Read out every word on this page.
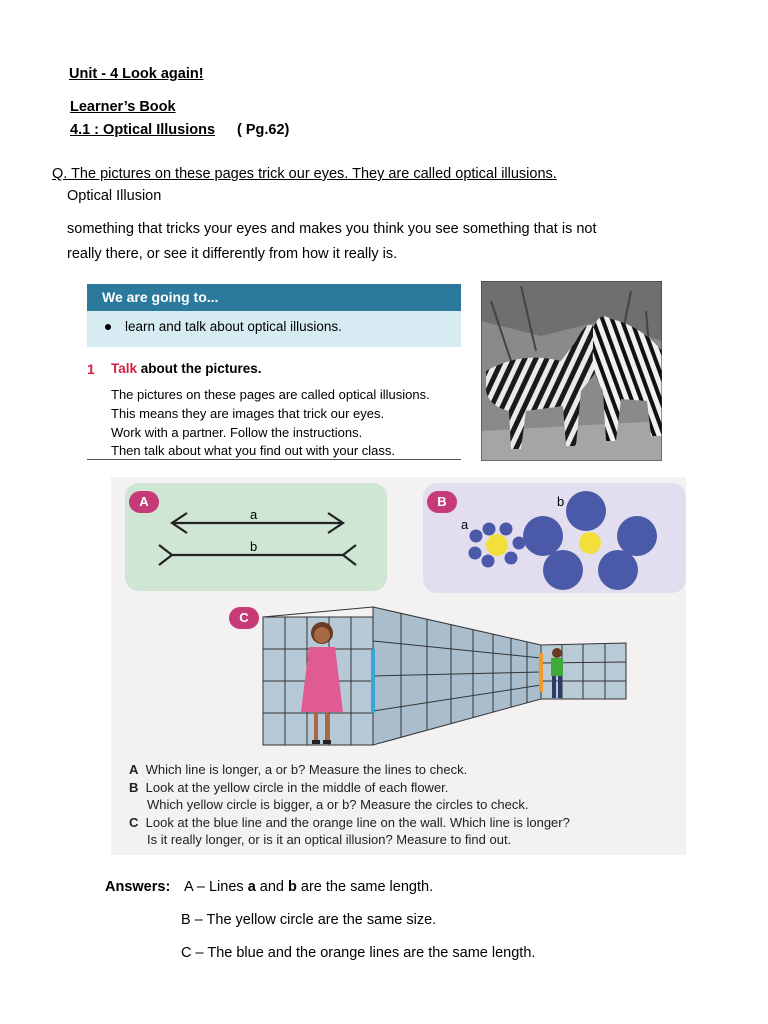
Unit - 4 Look again!
Learner’s Book
4.1 : Optical Illusions ( Pg.62)
Q. The pictures on these pages trick our eyes. They are called optical illusions.
Optical Illusion
something that tricks your eyes and makes you think you see something that is not
really there, or see it differently from how it really is.
We are going to...
learn and talk about optical illusions.
1 Talk about the pictures.
The pictures on these pages are called optical illusions.
This means they are images that trick our eyes.
Work with a partner. Follow the instructions.
Then talk about what you find out with your class.
A
a
b
B
a
b
C
A Which line is longer, a or b? Measure the lines to check.
B Look at the yellow circle in the middle of each flower.
Which yellow circle is bigger, a or b? Measure the circles to check.
C Look at the blue line and the orange line on the wall. Which line is longer?
Is it really longer, or is it an optical illusion? Measure to find out.
Answers: A – Lines a and b are the same length.
B – The yellow circle are the same size.
C – The blue and the orange lines are the same length.
